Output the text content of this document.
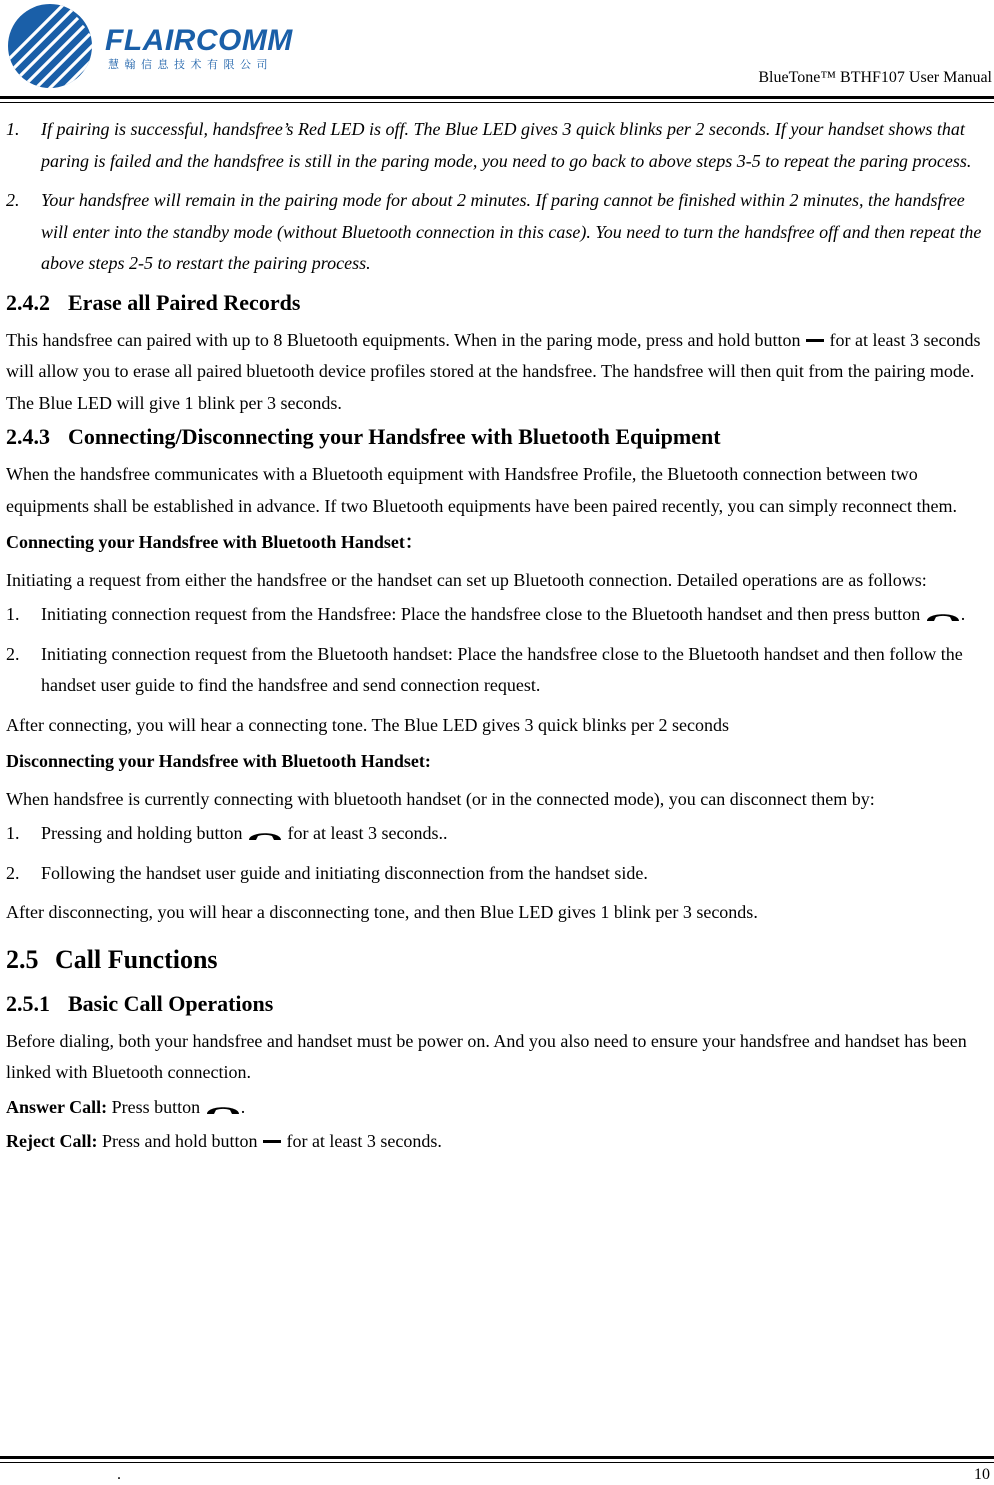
FLAIRCOMM
慧翰信息技术有限公司
BlueTone™ BTHF107 User Manual
1. If pairing is successful, handsfree’s Red LED is off. The Blue LED gives 3 quick blinks per 2 seconds. If your handset shows that paring is failed and the handsfree is still in the paring mode, you need to go back to above steps 3-5 to repeat the paring process.
2. Your handsfree will remain in the pairing mode for about 2 minutes. If paring cannot be finished within 2 minutes, the handsfree will enter into the standby mode (without Bluetooth connection in this case). You need to turn the handsfree off and then repeat the above steps 2-5 to restart the pairing process.
2.4.2 Erase all Paired Records
This handsfree can paired with up to 8 Bluetooth equipments. When in the paring mode, press and hold button  for at least 3 seconds will allow you to erase all paired bluetooth device profiles stored at the handsfree. The handsfree will then quit from the pairing mode. The Blue LED will give 1 blink per 3 seconds.
2.4.3 Connecting/Disconnecting your Handsfree with Bluetooth Equipment
When the handsfree communicates with a Bluetooth equipment with Handsfree Profile, the Bluetooth connection between two equipments shall be established in advance. If two Bluetooth equipments have been paired recently, you can simply reconnect them.
Connecting your Handsfree with Bluetooth Handset：
Initiating a request from either the handsfree or the handset can set up Bluetooth connection. Detailed operations are as follows:
1. Initiating connection request from the Handsfree: Place the handsfree close to the Bluetooth handset and then press button .
2. Initiating connection request from the Bluetooth handset: Place the handsfree close to the Bluetooth handset and then follow the handset user guide to find the handsfree and send connection request.
After connecting, you will hear a connecting tone. The Blue LED gives 3 quick blinks per 2 seconds
Disconnecting your Handsfree with Bluetooth Handset:
When handsfree is currently connecting with bluetooth handset (or in the connected mode), you can disconnect them by:
1. Pressing and holding button  for at least 3 seconds..
2. Following the handset user guide and initiating disconnection from the handset side.
After disconnecting, you will hear a disconnecting tone, and then Blue LED gives 1 blink per 3 seconds.
2.5 Call Functions
2.5.1 Basic Call Operations
Before dialing, both your handsfree and handset must be power on. And you also need to ensure your handsfree and handset has been linked with Bluetooth connection.
Answer Call: Press button .
Reject Call: Press and hold button  for at least 3 seconds.
.	10
